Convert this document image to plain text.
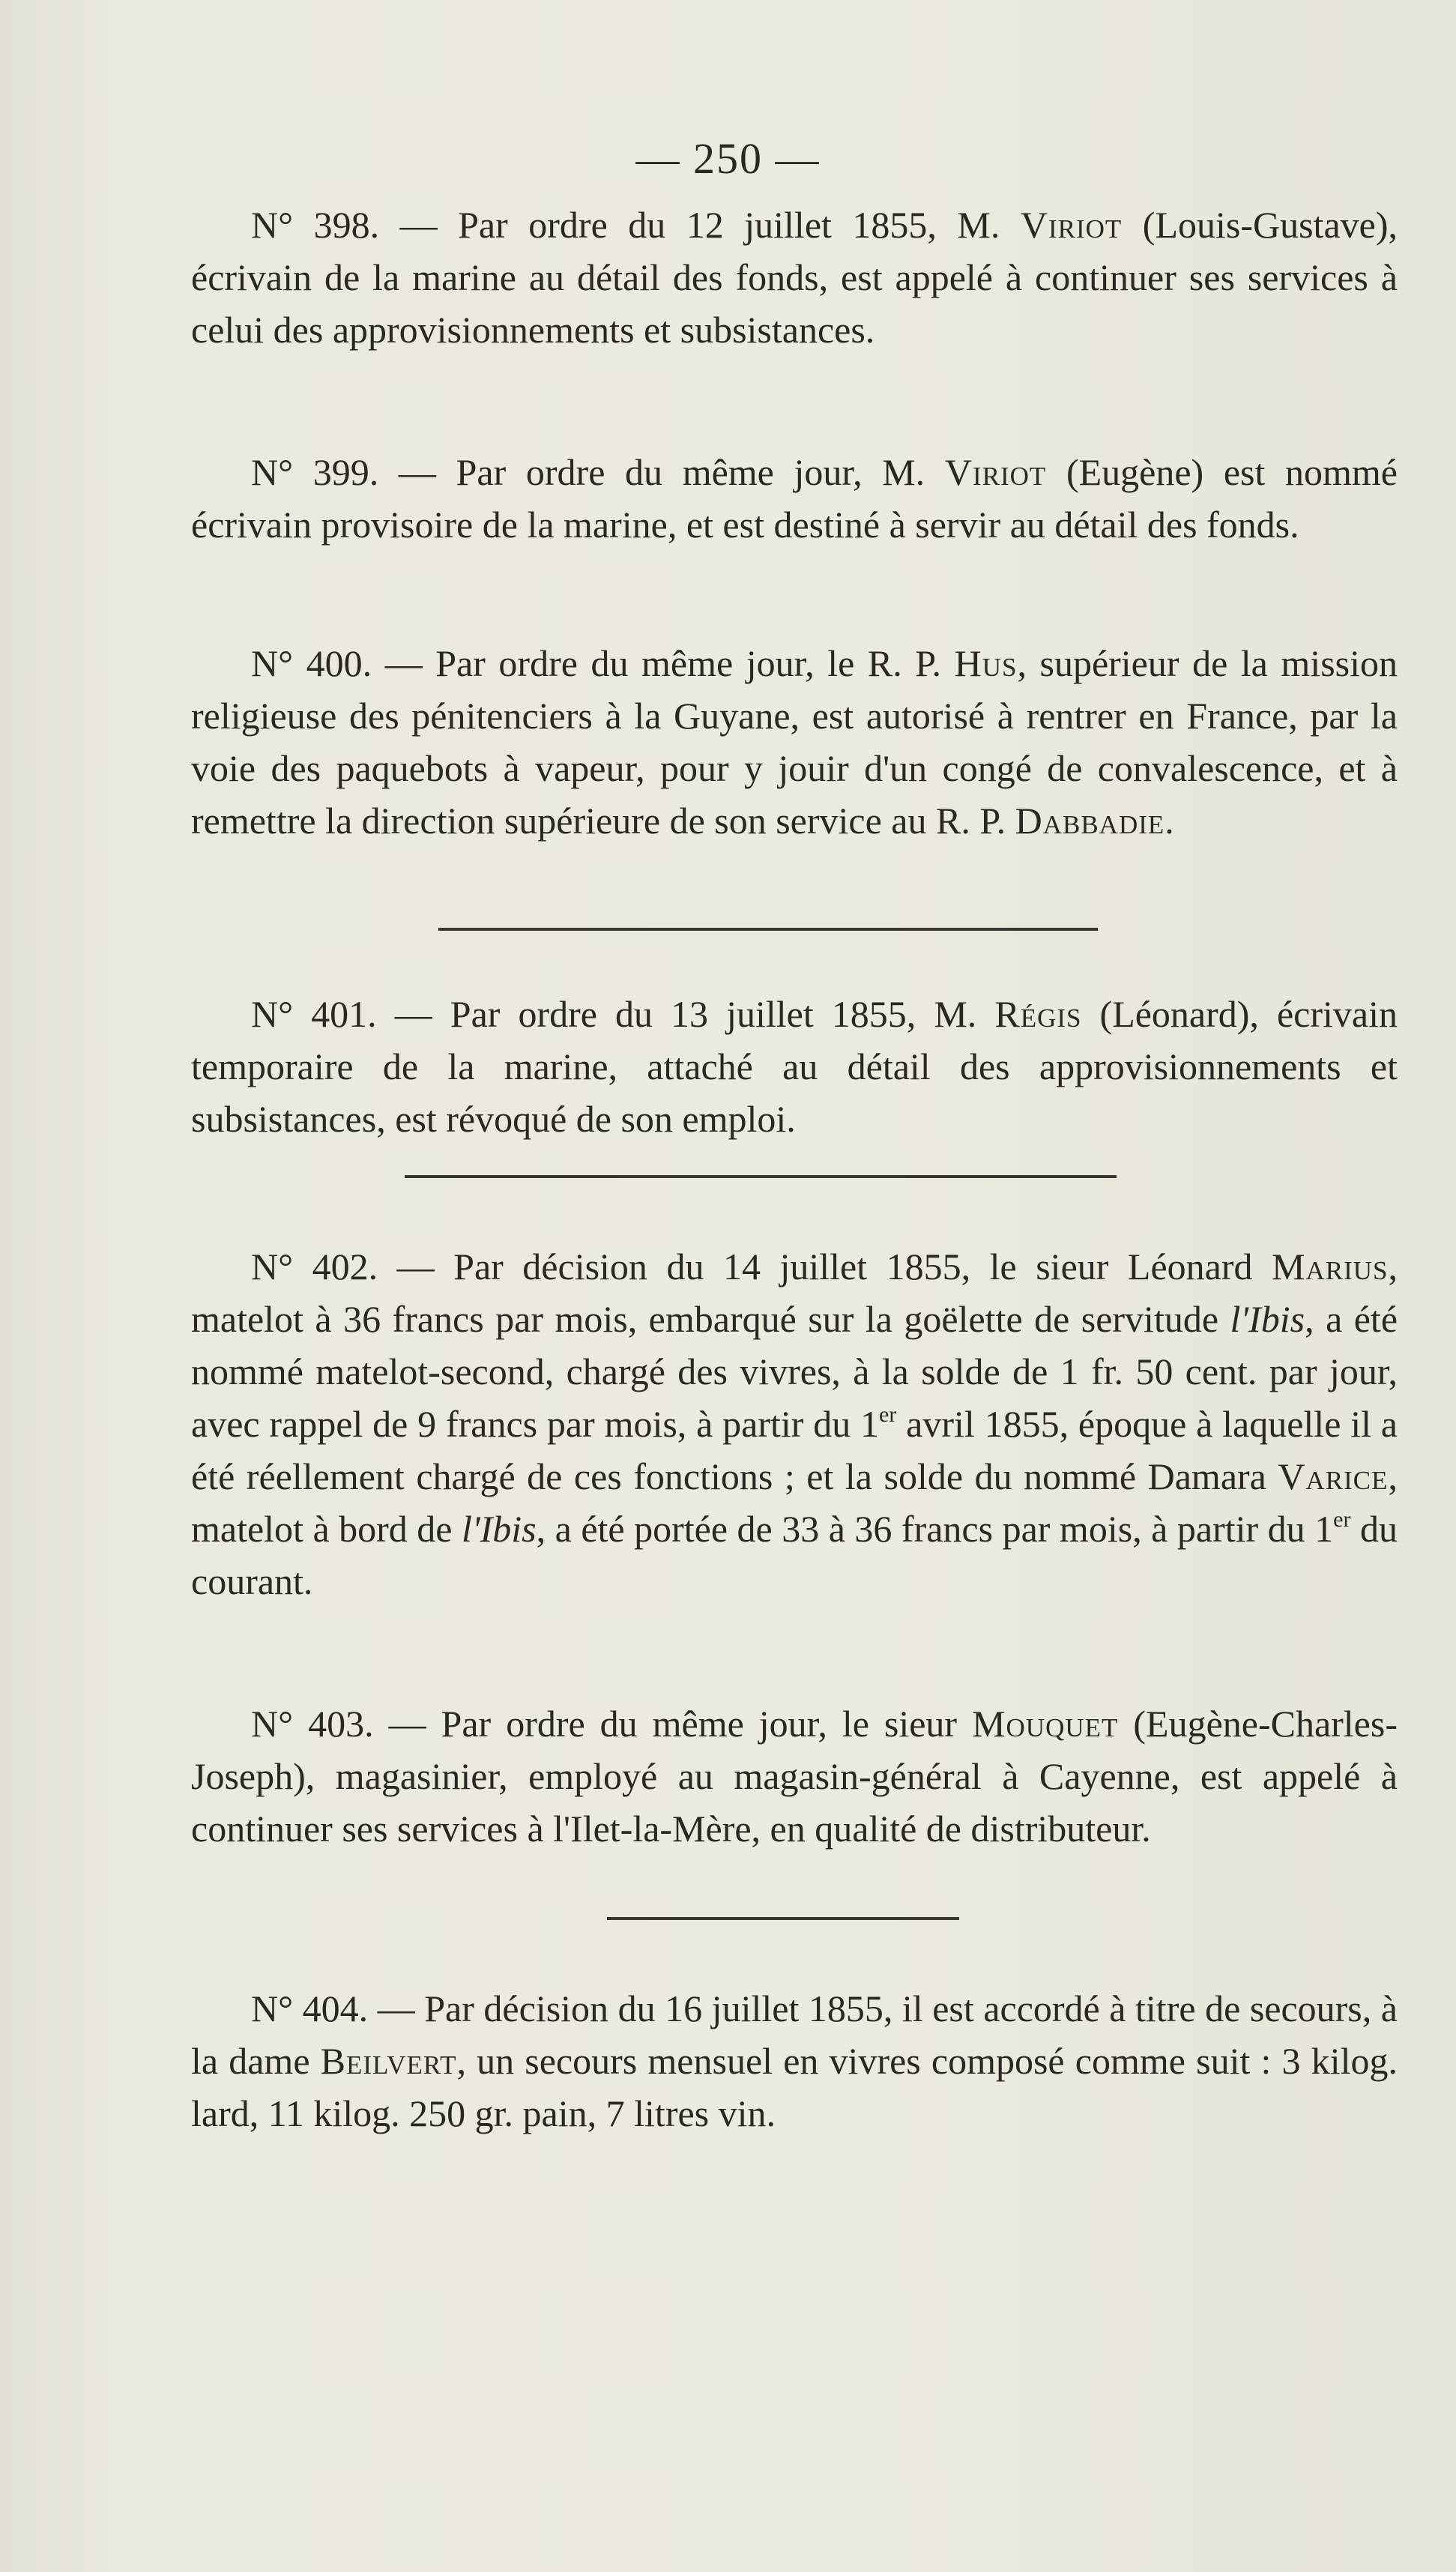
— 250 —

N° 398. — Par ordre du 12 juillet 1855, M. Viriot (Louis-Gustave), écrivain de la marine au détail des fonds, est appelé à continuer ses services à celui des approvisionnements et subsistances.

N° 399. — Par ordre du même jour, M. Viriot (Eugène) est nommé écrivain provisoire de la marine, et est destiné à servir au détail des fonds.

N° 400. — Par ordre du même jour, le R. P. Hus, supérieur de la mission religieuse des pénitenciers à la Guyane, est autorisé à rentrer en France, par la voie des paquebots à vapeur, pour y jouir d'un congé de convalescence, et à remettre la direction supérieure de son service au R. P. Dabbadie.

N° 401. — Par ordre du 13 juillet 1855, M. Régis (Léonard), écrivain temporaire de la marine, attaché au détail des approvisionnements et subsistances, est révoqué de son emploi.

N° 402. — Par décision du 14 juillet 1855, le sieur Léonard Marius, matelot à 36 francs par mois, embarqué sur la goëlette de servitude l'Ibis, a été nommé matelot-second, chargé des vivres, à la solde de 1 fr. 50 cent. par jour, avec rappel de 9 francs par mois, à partir du 1er avril 1855, époque à laquelle il a été réellement chargé de ces fonctions ; et la solde du nommé Damara Varice, matelot à bord de l'Ibis, a été portée de 33 à 36 francs par mois, à partir du 1er du courant.

N° 403. — Par ordre du même jour, le sieur Mouquet (Eugène-Charles-Joseph), magasinier, employé au magasin-général à Cayenne, est appelé à continuer ses services à l'Ilet-la-Mère, en qualité de distributeur.

N° 404. — Par décision du 16 juillet 1855, il est accordé à titre de secours, à la dame Beilvert, un secours mensuel en vivres composé comme suit : 3 kilog. lard, 11 kilog. 250 gr. pain, 7 litres vin.
